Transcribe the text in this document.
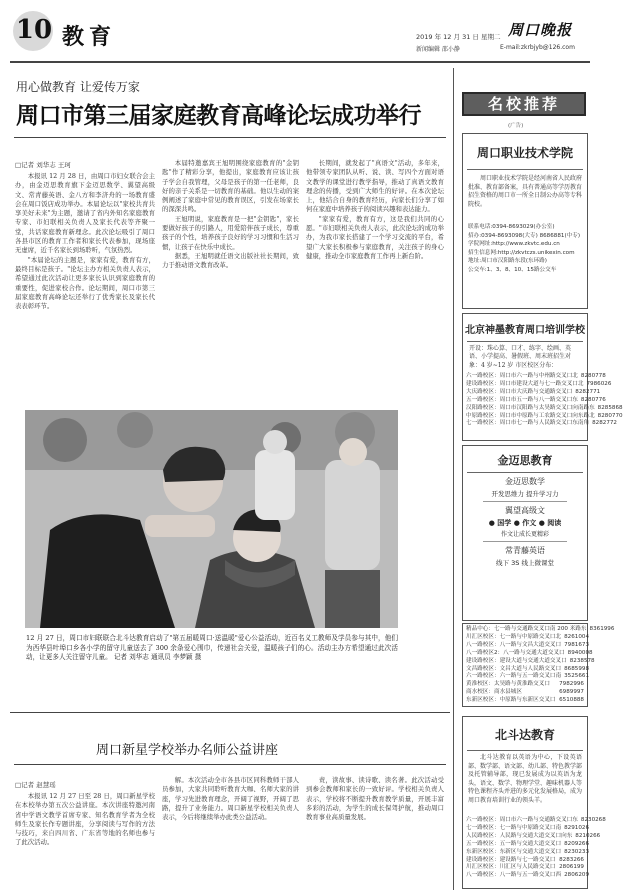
10 教育	2019 年 12 月 31 日 星期二
新闻编辑 邵小静	E-mail:zkrbjyb@126.com
周口晚报
用心做教育 让爱传万家
周口市第三届家庭教育高峰论坛成功举行
□记者 刘华志 王珂

本报讯 12 月 28 日，由周口市妇女联合会主办，由金迈思教育旗下金迈思数学、翼望高级文、常青藤英语、金八方和李济舟的一场教育盛会在周口饭店成功举办。本届论坛以"家校共育共享美好未来"为主题，邀请了省内外知名家庭教育专家、市妇联相关负责人及家长代表等齐聚一堂，共话家庭教育新理念。此次论坛吸引了周口各县市区的教育工作者和家长代表参加，现场座无虚席，近千名家长到场聆听，气氛热烈。

"本届论坛的主题是，家家有爱，教育有方，最终目标是孩子。"论坛主办方相关负责人表示，希望通过此次活动让更多家长认识到家庭教育的重要性，促进家校合作。论坛期间，周口市第三届家庭教育高峰论坛还举行了优秀家长及家长代表表彰环节。

本届特邀嘉宾王旭明围绕家庭教育的"金钥匙"作了精彩分享，他提出，家庭教育应该让孩子学会自我管理，父母是孩子的第一任老师，良好的亲子关系是一切教育的基础。他以生动的案例阐述了家庭中常见的教育误区，引发在场家长的深深共鸣。

王旭明说，家庭教育是一把"金钥匙"，家长要做好孩子的引路人，用爱陪伴孩子成长，尊重孩子的个性，培养孩子良好的学习习惯和生活习惯，让孩子在快乐中成长。

据悉，王旭明就任语文出版社社长期间，致力于推动语文教育改革。

长期间，就发起了"真语文"活动，多年来，他带领专家团队从听、说、读、写四个方面对语文教学的课堂进行教学指导，推动了真语文教育理念的传播，受到广大师生的好评。在本次论坛上，他结合自身的教育经历，向家长们分享了如何在家庭中培养孩子的阅读兴趣和表达能力。

"家家有爱，教育有方，这是我们共同的心愿。"市妇联相关负责人表示，此次论坛的成功举办，为我市家长搭建了一个学习交流的平台，希望广大家长积极参与家庭教育，关注孩子的身心健康，推动全市家庭教育工作再上新台阶。

12 月 27 日，周口市妇联联合北斗达教育启动了"第五届暖周口·送温暖"爱心公益活动，近百名义工教师及学员参与其中，他们为西华县叶埠口乡各小学的留守儿童送去了 300 余条爱心围巾，传递社会关爱，温暖孩子们的心。活动主办方希望通过此次活动，让更多人关注留守儿童。 记者 刘华志 通讯员 李梦颖 摄
周口新星学校举办名师公益讲座
□记者 赵慧瑶

本报讯 12 月 27 日至 28 日，周口新星学校在本校举办第五次公益讲座。本次讲座特邀河南省中学语文教学首席专家、知名教育学者为全校师生及家长作专题讲座，分享阅读与写作的方法与技巧，来自四川省、广东省等地的名师也参与了此次活动。

解。本次活动全市各县市区同科教师干部人员参加，大家共同聆听教育大咖、名师大家的讲座，学习先进教育理念，开阔了视野，开阔了思路，提升了业务能力。周口新星学校相关负责人表示，今后将继续举办此类公益活动。

责，读故事、读诗歌、读名著。此次活动受到参会教师和家长的一致好评。学校相关负责人表示，学校将不断提升教育教学质量，开展丰富多彩的活动，为学生的成长保驾护航，推动周口教育事业高质量发展。

名校推荐
(广告)
周口职业技术学院
周口职业技术学院是经河南省人民政府批准、教育部备案，具有普通高等学历教育招生资格的周口市一所全日制公办高等专科院校。
联系电话:0394-8693029(办公室)
招办:0394-8693098(大专) 8686881(中专)
学院网址:http://www.zkvtc.edu.cn
招生信息网:http://zkvtczs.unikexin.com
地址:周口市汉阳路东段(东环路)
公交车:1、3、8、10、15路公交车
北京神墨教育周口培训学校
开设：珠心算、口才、练字、绘画、英语、小学提高、暑假班、周末班招生对象：4 岁~12 岁 市区校区分布：
六一路校区：周口市六一路与中州路交叉口北 8280778
建设路校区：周口市建设大道与七一路交叉口北 7986026
大庆路校区：周口市大庆路与交通路交叉口 8282771
五一路校区：周口市五一路与八一路交叉口东 8280776
汉阳路校区：周口市汉阳路与太昊路交叉口向南路东 8285868
中原路校区：周口市中原路与工农路交叉口向东路北 8280770
七一路校区：周口市七一路与人民路交叉口东南角 8282772
金迈思教育
金迈思数学
开发思维力 提升学习力
翼望高级文
● 国学 ● 作文 ● 阅读
作文让成长更精彩
常青藤英语
线下 3S 线上微课堂
精品中心：七一路与交通路交叉口南 200 米路东 8361996
川汇区校区：七一路与中原路交叉口北 8261004
八一路校区：八一路与文昌大道交叉口 7981673
八一路校区2：八一路与交通大道交叉口 8940008
建设路校区：建设大道与交通大道交叉口 8238578
文昌路校区：文昌大道与人民路交叉口 8685998
六一路校区：六一路与五一路交叉口南 3525661
黄淮校区：太昊路与黄淮路交叉口	7982996
商水校区：商水县城区	6989997
东新区校区：中原路与东新区交叉口 6510888
北斗达教育
北斗达教育以英语为中心，下设英语部、数学部、语文部、幼儿部、特色教学部及托管辅导部，现已发展成为以英语为龙头，语文、数学、物理学堂、趣味机器人等特色课程齐头并进的多元化发展格局，成为周口教育培训行业的领头羊。
六一路校区：周口市六一路与交通路交叉口东 8230268
七一路校区：七一路与中原路交叉口南 8291026
人民路校区：人民路与交通大道交叉口向东 8210266
五一路校区：五一路与交通大道交叉口 8209266
东新区校区：东新区与交通大道交叉口 8230233
建设路校区：建设路与七一路交叉口 8283266
川汇区校区：川汇区与人民路交叉口 2806199
八一路校区：八一路与五一路交叉口西 2806209
